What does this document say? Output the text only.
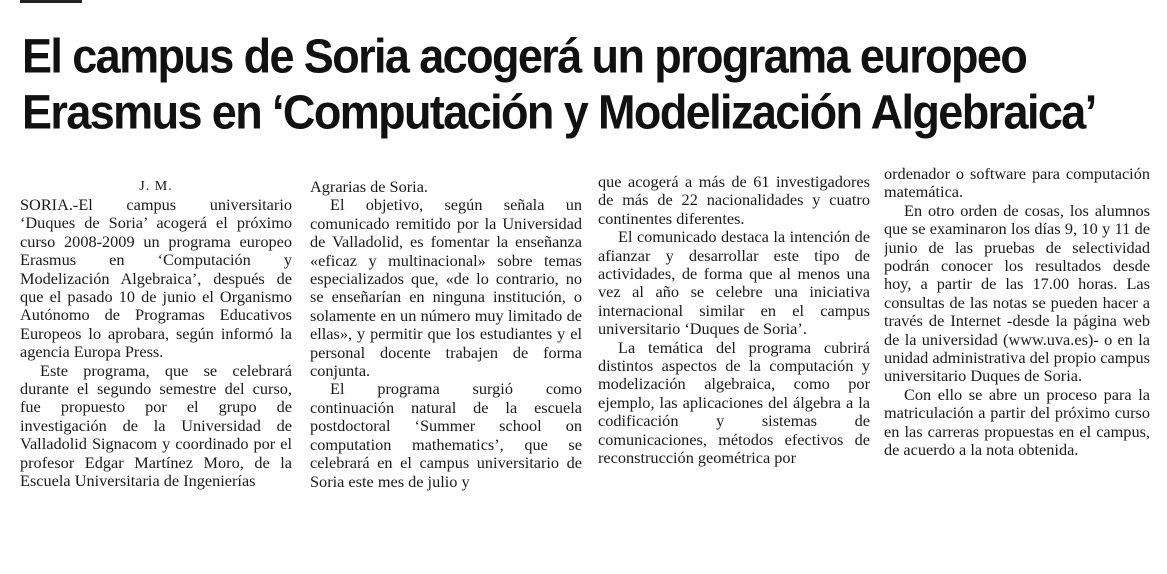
El campus de Soria acogerá un programa europeo
Erasmus en ‘Computación y Modelización Algebraica’
J. M.

SORIA.-El campus universitario ‘Duques de Soria’ acogerá el próximo curso 2008-2009 un programa europeo Erasmus en ‘Computación y Modelización Algebraica’, después de que el pasado 10 de junio el Organismo Autónomo de Programas Educativos Europeos lo aprobara, según informó la agencia Europa Press.

Este programa, que se celebrará durante el segundo semestre del curso, fue propuesto por el grupo de investigación de la Universidad de Valladolid Signacom y coordinado por el profesor Edgar Martínez Moro, de la Escuela Universitaria de Ingenierías

Agrarias de Soria.

El objetivo, según señala un comunicado remitido por la Universidad de Valladolid, es fomentar la enseñanza «eficaz y multinacional» sobre temas especializados que, «de lo contrario, no se enseñarían en ninguna institución, o solamente en un número muy limitado de ellas», y permitir que los estudiantes y el personal docente trabajen de forma conjunta.

El programa surgió como continuación natural de la escuela postdoctoral ‘Summer school on computation mathematics’, que se celebrará en el campus universitario de Soria este mes de julio y

que acogerá a más de 61 investigadores de más de 22 nacionalidades y cuatro continentes diferentes.

El comunicado destaca la intención de afianzar y desarrollar este tipo de actividades, de forma que al menos una vez al año se celebre una iniciativa internacional similar en el campus universitario ‘Duques de Soria’.

La temática del programa cubrirá distintos aspectos de la computación y modelización algebraica, como por ejemplo, las aplicaciones del álgebra a la codificación y sistemas de comunicaciones, métodos efectivos de reconstrucción geométrica por

ordenador o software para computación matemática.

En otro orden de cosas, los alumnos que se examinaron los días 9, 10 y 11 de junio de las pruebas de selectividad podrán conocer los resultados desde hoy, a partir de las 17.00 horas. Las consultas de las notas se pueden hacer a través de Internet -desde la página web de la universidad (www.uva.es)- o en la unidad administrativa del propio campus universitario Duques de Soria.

Con ello se abre un proceso para la matriculación a partir del próximo curso en las carreras propuestas en el campus, de acuerdo a la nota obtenida.
